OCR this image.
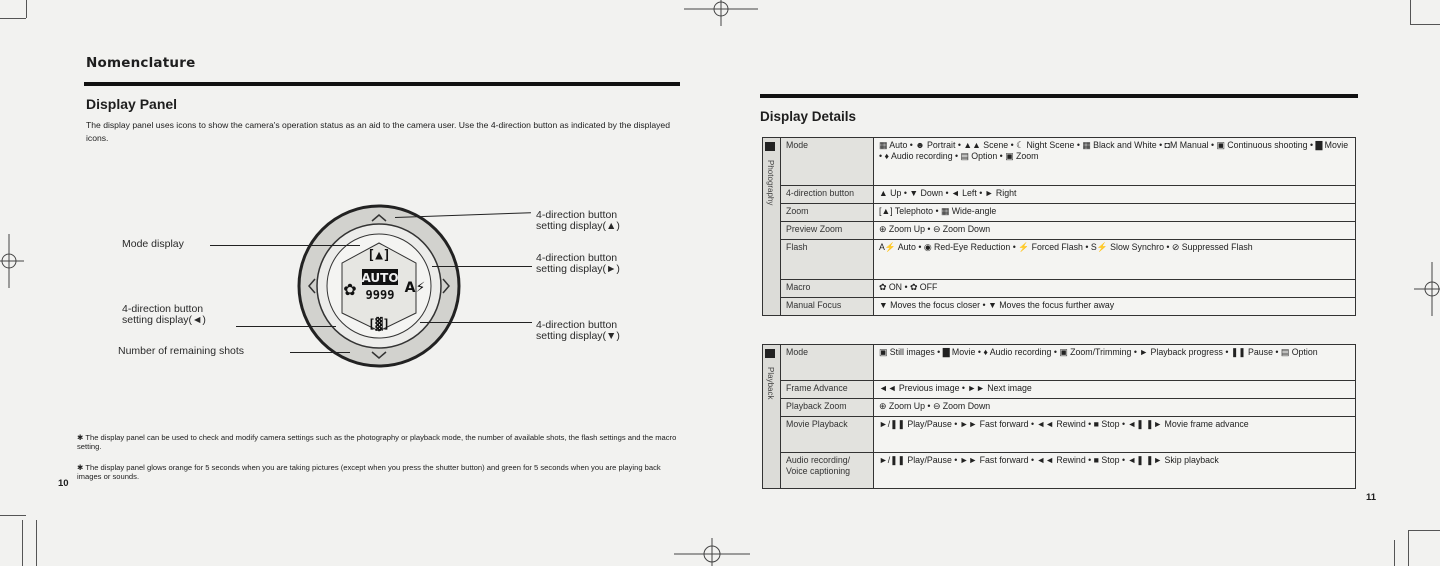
Nomenclature
Display Panel
The display panel uses icons to show the camera's operation status as an aid to the camera user. Use the 4-direction button as indicated by the displayed icons.
[▲]
✿
AUTO
9999 A⚡
[▓]
Mode display
4-direction button
setting display(▲)
4-direction button
setting display(►)
4-direction button
setting display(◄)	4-direction button
setting display(▼)
Number of remaining shots
✱ The display panel can be used to check and modify camera settings such as the photography or playback mode, the number of available shots, the flash settings and the macro setting.
✱ The display panel glows orange for 5 seconds when you are taking pictures (except when you press the shutter button) and green for 5 seconds when you are playing back images or sounds.
10
Display Details
Photography	Mode	▦ Auto • ☻ Portrait • ▲▲ Scene • ☾ Night Scene • ▦ Black and White • ◘M Manual • ▣ Continuous shooting • ▇ Movie • ♦ Audio recording • ▤ Option • ▣ Zoom
	4-direction button	▲ Up • ▼ Down • ◄ Left • ► Right
	Zoom	[▲] Telephoto • ▦ Wide-angle
	Preview Zoom	⊕ Zoom Up • ⊖ Zoom Down
	Flash	A⚡ Auto • ◉ Red-Eye Reduction • ⚡ Forced Flash • S⚡ Slow Synchro • ⊘ Suppressed Flash
	Macro	✿ ON • ✿ OFF
	Manual Focus	▼ Moves the focus closer • ▼ Moves the focus further away
Playback	Mode	▣ Still images • ▇ Movie • ♦ Audio recording • ▣ Zoom/Trimming • ► Playback progress • ❚❚ Pause • ▤ Option
	Frame Advance	◄◄ Previous image • ►► Next image
	Playback Zoom	⊕ Zoom Up • ⊖ Zoom Down
	Movie Playback	►/❚❚ Play/Pause • ►► Fast forward • ◄◄ Rewind • ■ Stop • ◄❚ ❚► Movie frame advance
	Audio recording/ Voice captioning	►/❚❚ Play/Pause • ►► Fast forward • ◄◄ Rewind • ■ Stop • ◄❚ ❚► Skip playback
11
